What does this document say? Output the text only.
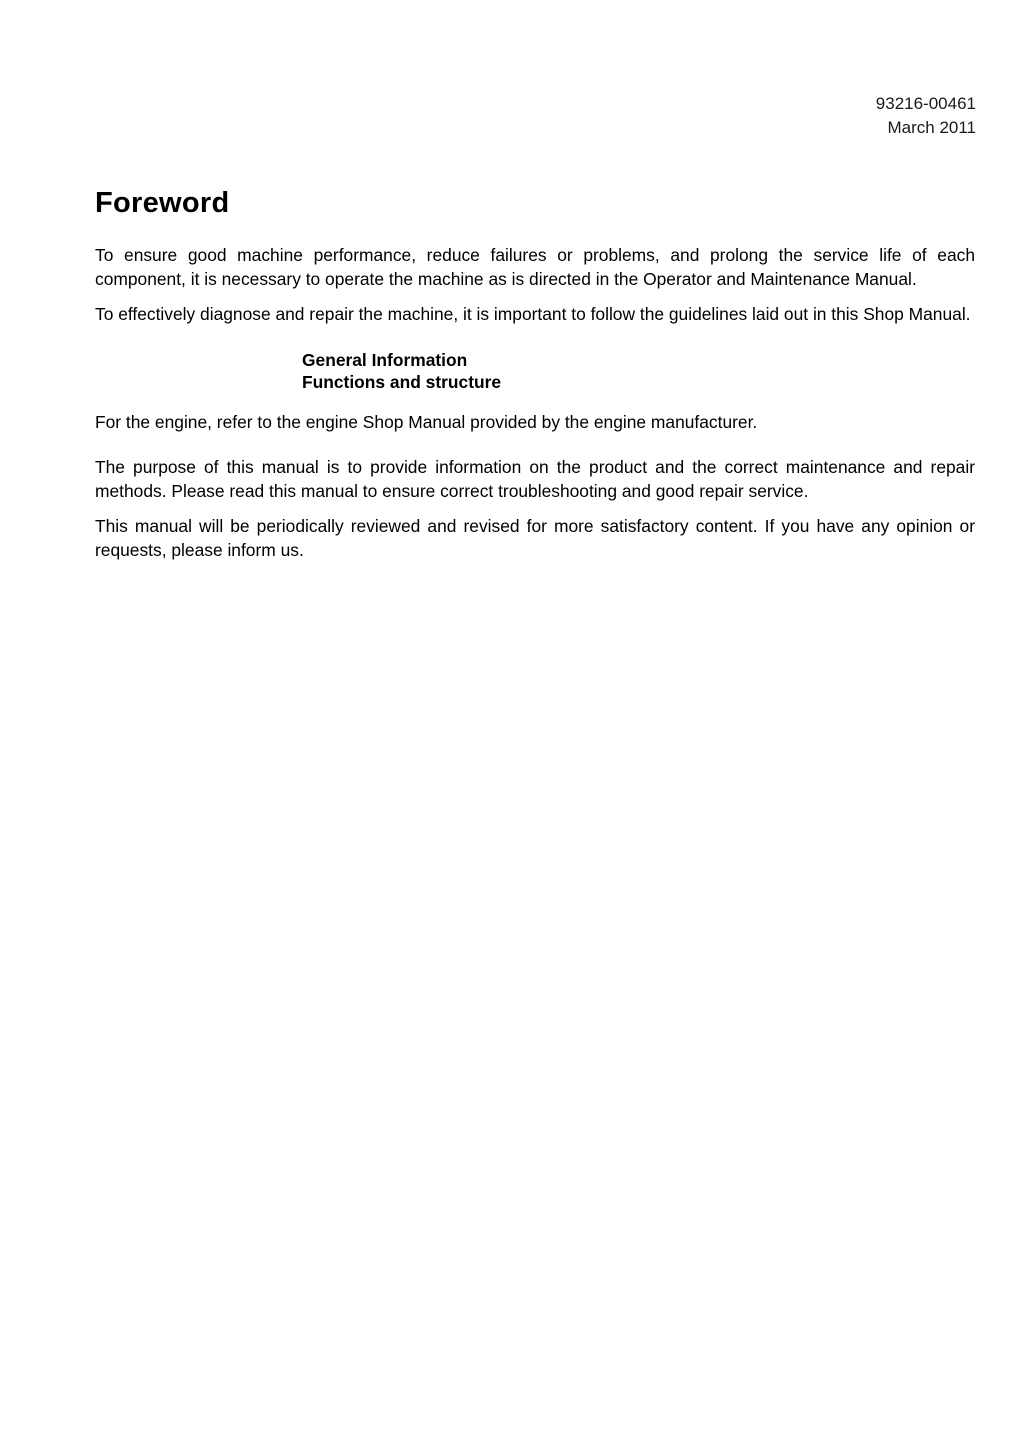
93216-00461
March 2011
Foreword

To ensure good machine performance, reduce failures or problems, and prolong the service life of each component, it is necessary to operate the machine as is directed in the Operator and Maintenance Manual.

To effectively diagnose and repair the machine, it is important to follow the guidelines laid out in this Shop Manual.

General Information
Functions and structure

For the engine, refer to the engine Shop Manual provided by the engine manufacturer.

The purpose of this manual is to provide information on the product and the correct maintenance and repair methods. Please read this manual to ensure correct troubleshooting and good repair service.

This manual will be periodically reviewed and revised for more satisfactory content. If you have any opinion or requests, please inform us.
